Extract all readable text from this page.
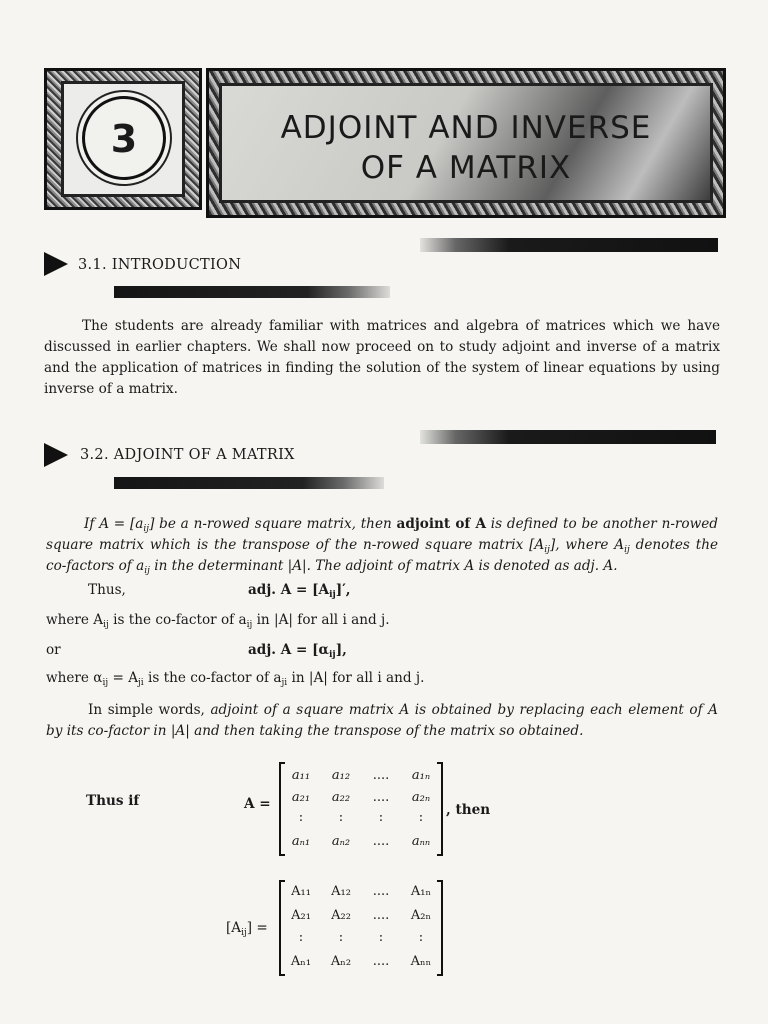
3	ADJOINT AND INVERSE
OF A MATRIX
3.1. INTRODUCTION
The students are already familiar with matrices and algebra of matrices which we have discussed in earlier chapters. We shall now proceed on to study adjoint and inverse of a matrix and the application of matrices in finding the solution of the system of linear equations by using inverse of a matrix.
3.2. ADJOINT OF A MATRIX
If $A = [a_{ij}]$ be a n-rowed square matrix, then adjoint of A is defined to be another n-rowed square matrix which is the transpose of the n-rowed square matrix $[A_{ij}]$, where $A_{ij}$ denotes the co-factors of $a_{ij}$ in the determinant |A|. The adjoint of matrix A is denoted as adj. A.
Thus,	adj. $A = [A_{ij}]'$,
where $A_{ij}$ is the co-factor of $a_{ij}$ in |A| for all i and j.
or	adj. $A = [\alpha_{ij}]$,
where $\alpha_{ij} = A_{ji}$ is the co-factor of $a_{ji}$ in |A| for all i and j.
In simple words, adjoint of a square matrix A is obtained by replacing each element of A by its co-factor in |A| and then taking the transpose of the matrix so obtained.
Thus if	A =
a₁₁	a₁₂	....	a₁ₙ
a₂₁	a₂₂	....	a₂ₙ
:	:	:	:
aₙ₁	aₙ₂	....	aₙₙ
, then
$[A_{ij}]$ =
A₁₁	A₁₂	....	A₁ₙ
A₂₁	A₂₂	....	A₂ₙ
:	:	:	:
Aₙ₁	Aₙ₂	....	Aₙₙ
